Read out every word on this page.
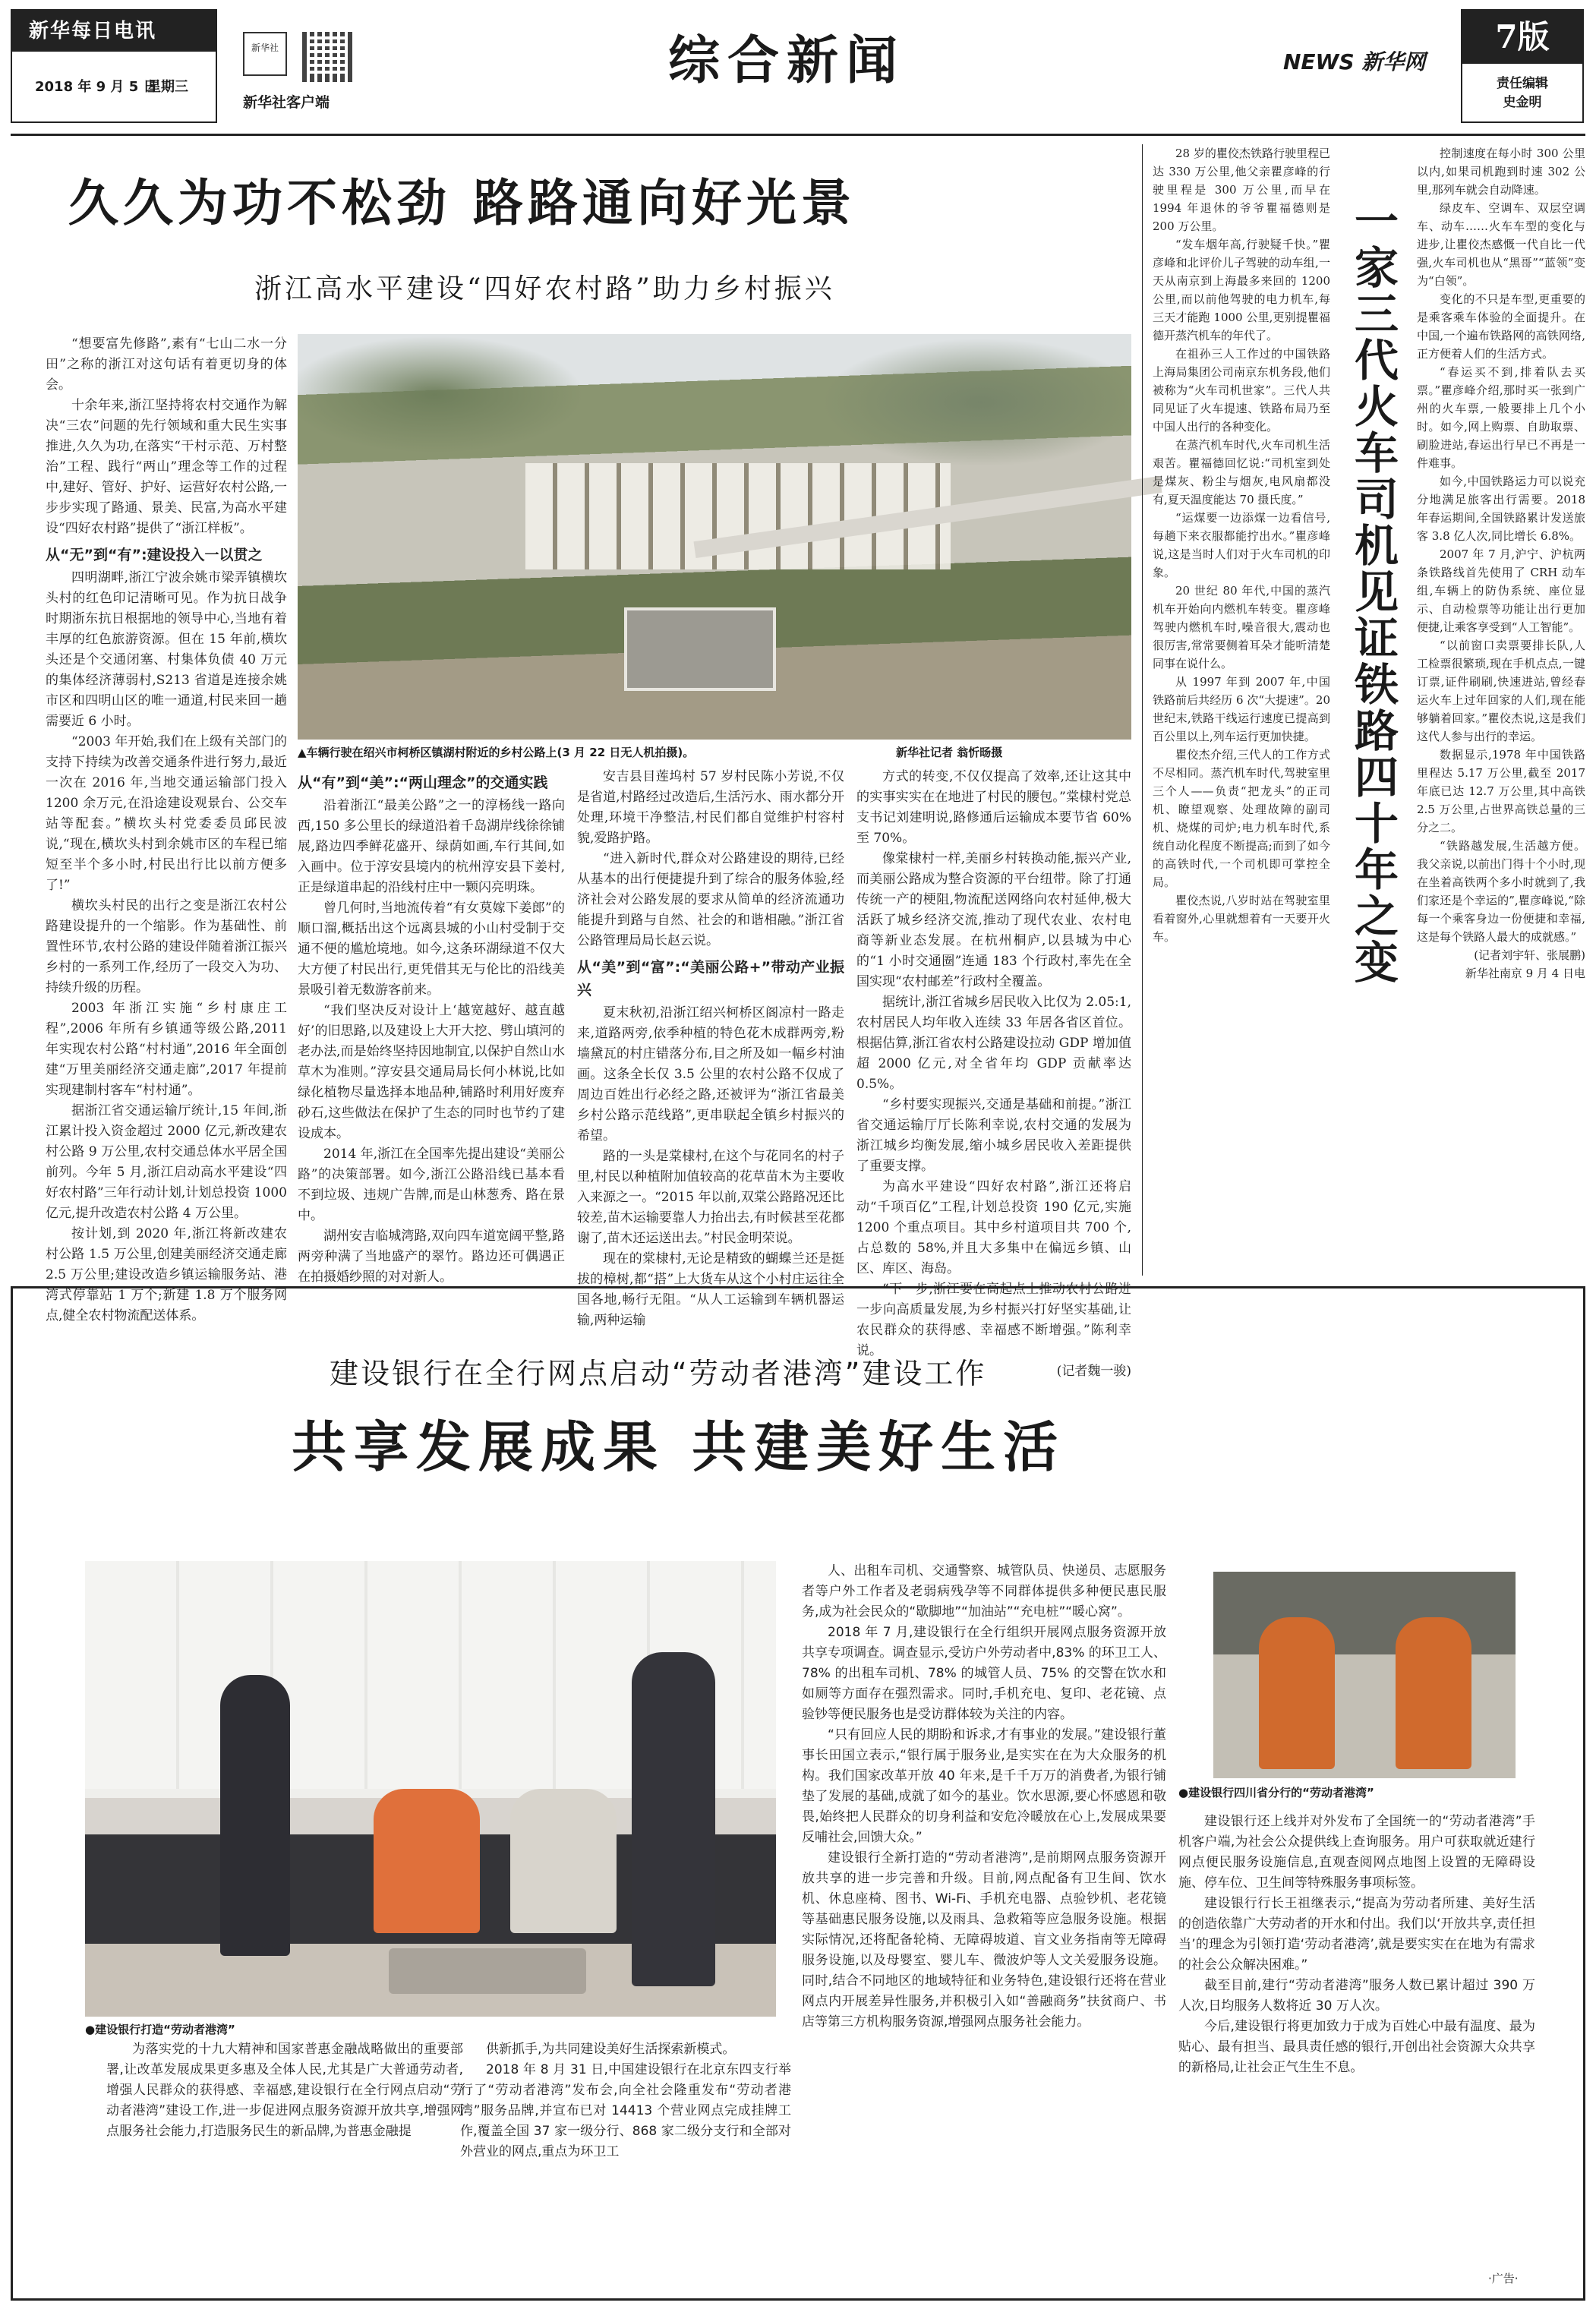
新华每日电讯
2018 年 9 月 5 日
星期三
新华社
新华社客户端
综合新闻	NEWS 新华网
7版
责任编辑
史金明
久久为功不松劲 路路通向好光景
浙江高水平建设“四好农村路”助力乡村振兴
▲车辆行驶在绍兴市柯桥区镇湖村附近的乡村公路上(3 月 22 日无人机拍摄)。	新华社记者 翁忻旸摄

“想要富先修路”,素有“七山二水一分田”之称的浙江对这句话有着更切身的体会。

十余年来,浙江坚持将农村交通作为解决“三农”问题的先行领域和重大民生实事推进,久久为功,在落实“干村示范、万村整治”工程、践行“两山”理念等工作的过程中,建好、管好、护好、运营好农村公路,一步步实现了路通、景美、民富,为高水平建设“四好农村路”提供了“浙江样板”。

从“无”到“有”:建设投入一以贯之

四明湖畔,浙江宁波余姚市梁弄镇横坎头村的红色印记清晰可见。作为抗日战争时期浙东抗日根据地的领导中心,当地有着丰厚的红色旅游资源。但在 15 年前,横坎头还是个交通闭塞、村集体负债 40 万元的集体经济薄弱村,S213 省道是连接余姚市区和四明山区的唯一通道,村民来回一趟需要近 6 小时。

“2003 年开始,我们在上级有关部门的支持下持续为改善交通条件进行努力,最近一次在 2016 年,当地交通运输部门投入 1200 余万元,在沿途建设观景台、公交车站等配套。”横坎头村党委委员邱民波说,“现在,横坎头村到余姚市区的车程已缩短至半个多小时,村民出行比以前方便多了!”

横坎头村民的出行之变是浙江农村公路建设提升的一个缩影。作为基础性、前置性环节,农村公路的建设伴随着浙江振兴乡村的一系列工作,经历了一段交入为功、持续升级的历程。

2003 年浙江实施“乡村康庄工程”,2006 年所有乡镇通等级公路,2011 年实现农村公路“村村通”,2016 年全面创建“万里美丽经济交通走廊”,2017 年提前实现建制村客车“村村通”。

据浙江省交通运输厅统计,15 年间,浙江累计投入资金超过 2000 亿元,新改建农村公路 9 万公里,农村交通总体水平居全国前列。今年 5 月,浙江启动高水平建设“四好农村路”三年行动计划,计划总投资 1000 亿元,提升改造农村公路 4 万公里。

按计划,到 2020 年,浙江将新改建农村公路 1.5 万公里,创建美丽经济交通走廊 2.5 万公里;建设改造乡镇运输服务站、港湾式停靠站 1 万个;新建 1.8 万个服务网点,健全农村物流配送体系。

从“有”到“美”:“两山理念”的交通实践

沿着浙江“最美公路”之一的淳杨线一路向西,150 多公里长的绿道沿着千岛湖岸线徐徐铺展,路边四季鲜花盛开、绿荫如画,车行其间,如入画中。位于淳安县境内的杭州淳安县下姜村,正是绿道串起的沿线村庄中一颗闪亮明珠。

曾几何时,当地流传着“有女莫嫁下姜郎”的顺口溜,概括出这个远离县城的小山村受制于交通不便的尴尬境地。如今,这条环湖绿道不仅大大方便了村民出行,更凭借其无与伦比的沿线美景吸引着无数游客前来。

“我们坚决反对设计上‘越宽越好、越直越好’的旧思路,以及建设上大开大挖、劈山填河的老办法,而是始终坚持因地制宜,以保护自然山水草木为准则。”淳安县交通局局长何小林说,比如绿化植物尽量选择本地品种,铺路时利用好废弃砂石,这些做法在保护了生态的同时也节约了建设成本。

2014 年,浙江在全国率先提出建设“美丽公路”的决策部署。如今,浙江公路沿线已基本看不到垃圾、违规广告牌,而是山林葱秀、路在景中。

湖州安吉临城湾路,双向四车道宽阔平整,路两旁种满了当地盛产的翠竹。路边还可偶遇正在拍摄婚纱照的对对新人。

安吉县目莲坞村 57 岁村民陈小芳说,不仅是省道,村路经过改造后,生活污水、雨水都分开处理,环境干净整洁,村民们都自觉维护村容村貌,爱路护路。

“进入新时代,群众对公路建设的期待,已经从基本的出行便捷提升到了综合的服务体验,经济社会对公路发展的要求从简单的经济流通功能提升到路与自然、社会的和谐相融。”浙江省公路管理局局长赵云说。

从“美”到“富”:“美丽公路+”带动产业振兴

夏末秋初,沿浙江绍兴柯桥区阁凉村一路走来,道路两旁,依季种植的特色花木成群两旁,粉墙黛瓦的村庄错落分布,目之所及如一幅乡村油画。这条全长仅 3.5 公里的农村公路不仅成了周边百姓出行必经之路,还被评为“浙江省最美乡村公路示范线路”,更串联起全镇乡村振兴的希望。

路的一头是棠棣村,在这个与花同名的村子里,村民以种植附加值较高的花草苗木为主要收入来源之一。“2015 年以前,双棠公路路况还比较差,苗木运输要靠人力抬出去,有时候甚至花都谢了,苗木还运送出去。”村民金明荣说。

现在的棠棣村,无论是精致的蝴蝶兰还是挺拔的樟树,都“搭”上大货车从这个小村庄运往全国各地,畅行无阻。“从人工运输到车辆机器运输,两种运输

方式的转变,不仅仅提高了效率,还让这其中的实事实实在在地进了村民的腰包。”棠棣村党总支书记刘建明说,路修通后运输成本要节省 60%至 70%。

像棠棣村一样,美丽乡村转换动能,振兴产业,而美丽公路成为整合资源的平台纽带。除了打通传统一产的梗阻,物流配送网络向农村延伸,极大活跃了城乡经济交流,推动了现代农业、农村电商等新业态发展。在杭州桐庐,以县城为中心的“1 小时交通圈”连通 183 个行政村,率先在全国实现“农村邮差”行政村全覆盖。

据统计,浙江省城乡居民收入比仅为 2.05:1,农村居民人均年收入连续 33 年居各省区首位。根据估算,浙江省农村公路建设拉动 GDP 增加值超 2000 亿元,对全省年均 GDP 贡献率达 0.5%。

“乡村要实现振兴,交通是基础和前提。”浙江省交通运输厅厅长陈利幸说,农村交通的发展为浙江城乡均衡发展,缩小城乡居民收入差距提供了重要支撑。

为高水平建设“四好农村路”,浙江还将启动“千项百亿”工程,计划总投资 190 亿元,实施 1200 个重点项目。其中乡村道项目共 700 个,占总数的 58%,并且大多集中在偏远乡镇、山区、库区、海岛。

“下一步,浙江要在高起点上推动农村公路进一步向高质量发展,为乡村振兴打好坚实基础,让农民群众的获得感、幸福感不断增强。”陈利幸说。

(记者魏一骏)

28 岁的瞿佼杰铁路行驶里程已达 330 万公里,他父亲瞿彦峰的行驶里程是 300 万公里,而早在 1994 年退休的爷爷瞿福德则是 200 万公里。

“发车烟年高,行驶疑千快。”瞿彦峰和北评价儿子驾驶的动车组,一天从南京到上海最多来回的 1200 公里,而以前他驾驶的电力机车,每三天才能跑 1000 公里,更别提瞿福德开蒸汽机车的年代了。

在祖孙三人工作过的中国铁路上海局集团公司南京东机务段,他们被称为“火车司机世家”。三代人共同见证了火车提速、铁路布局乃至中国人出行的各种变化。

在蒸汽机车时代,火车司机生活艰苦。瞿福德回忆说:“司机室到处是煤灰、粉尘与烟灰,电风扇都没有,夏天温度能达 70 摄氏度。”

“运煤要一边添煤一边看信号,每趟下来衣服都能拧出水。”瞿彦峰说,这是当时人们对于火车司机的印象。

20 世纪 80 年代,中国的蒸汽机车开始向内燃机车转变。瞿彦峰驾驶内燃机车时,噪音很大,震动也很厉害,常常要侧着耳朵才能听清楚同事在说什么。

从 1997 年到 2007 年,中国铁路前后共经历 6 次“大提速”。20 世纪末,铁路干线运行速度已提高到百公里以上,列车运行更加快捷。

瞿佼杰介绍,三代人的工作方式不尽相同。蒸汽机车时代,驾驶室里三个人——负责“把龙头”的正司机、瞭望观察、处理故障的副司机、烧煤的司炉;电力机车时代,系统自动化程度不断提高;而到了如今的高铁时代,一个司机即可掌控全局。

瞿佼杰说,八岁时站在驾驶室里看着窗外,心里就想着有一天要开火车。

一家三代火车司机见证铁路四十年之变

控制速度在每小时 300 公里以内,如果司机跑到时速 302 公里,那列车就会自动降速。

绿皮车、空调车、双层空调车、动车……火车车型的变化与进步,让瞿佼杰感慨一代自比一代强,火车司机也从“黑哥”“蓝领”变为“白领”。

变化的不只是车型,更重要的是乘客乘车体验的全面提升。在中国,一个遍布铁路网的高铁网络,正方便着人们的生活方式。

“春运买不到,排着队去买票。”瞿彦峰介绍,那时买一张到广州的火车票,一般要排上几个小时。如今,网上购票、自助取票、刷脸进站,春运出行早已不再是一件难事。

如今,中国铁路运力可以说充分地满足旅客出行需要。2018 年春运期间,全国铁路累计发送旅客 3.8 亿人次,同比增长 6.8%。

2007 年 7 月,沪宁、沪杭两条铁路线首先使用了 CRH 动车组,车辆上的防伪系统、座位显示、自动检票等功能让出行更加便捷,让乘客享受到“人工智能”。

“以前窗口卖票要排长队,人工检票很繁琐,现在手机点点,一键订票,证件刷刷,快速进站,曾经春运火车上过年回家的人们,现在能够躺着回家。”瞿佼杰说,这是我们这代人参与出行的幸运。

数据显示,1978 年中国铁路里程达 5.17 万公里,截至 2017 年底已达 12.7 万公里,其中高铁 2.5 万公里,占世界高铁总量的三分之二。

“铁路越发展,生活越方便。我父亲说,以前出门得十个小时,现在坐着高铁两个多小时就到了,我们家还是个幸运的”,瞿彦峰说,“除每一个乘客身边一份便捷和幸福,这是每个铁路人最大的成就感。”

(记者刘宇轩、张展鹏)

新华社南京 9 月 4 日电

建设银行在全行网点启动“劳动者港湾”建设工作
共享发展成果 共建美好生活
●建设银行打造“劳动者港湾”
●建设银行四川省分行的“劳动者港湾”

为落实党的十九大精神和国家普惠金融战略做出的重要部署,让改革发展成果更多惠及全体人民,尤其是广大普通劳动者,增强人民群众的获得感、幸福感,建设银行在全行网点启动“劳动者港湾”建设工作,进一步促进网点服务资源开放共享,增强网点服务社会能力,打造服务民生的新品牌,为普惠金融提

供新抓手,为共同建设美好生活探索新模式。

2018 年 8 月 31 日,中国建设银行在北京东四支行举行了“劳动者港湾”发布会,向全社会隆重发布“劳动者港湾”服务品牌,并宣布已对 14413 个营业网点完成挂牌工作,覆盖全国 37 家一级分行、868 家二级分支行和全部对外营业的网点,重点为环卫工

人、出租车司机、交通警察、城管队员、快递员、志愿服务者等户外工作者及老弱病残孕等不同群体提供多种便民惠民服务,成为社会民众的“歇脚地”“加油站”“充电桩”“暖心窝”。

2018 年 7 月,建设银行在全行组织开展网点服务资源开放共享专项调查。调查显示,受访户外劳动者中,83% 的环卫工人、78% 的出租车司机、78% 的城管人员、75% 的交警在饮水和如厕等方面存在强烈需求。同时,手机充电、复印、老花镜、点验钞等便民服务也是受访群体较为关注的内容。

“只有回应人民的期盼和诉求,才有事业的发展。”建设银行董事长田国立表示,“银行属于服务业,是实实在在为大众服务的机构。我们国家改革开放 40 年来,是千千万万的消费者,为银行铺垫了发展的基础,成就了如今的基业。饮水思源,要心怀感恩和敬畏,始终把人民群众的切身利益和安危冷暖放在心上,发展成果要反哺社会,回馈大众。”

建设银行全新打造的“劳动者港湾”,是前期网点服务资源开放共享的进一步完善和升级。目前,网点配备有卫生间、饮水机、休息座椅、图书、Wi-Fi、手机充电器、点验钞机、老花镜等基础惠民服务设施,以及雨具、急救箱等应急服务设施。根据实际情况,还将配备轮椅、无障碍坡道、盲文业务指南等无障碍服务设施,以及母婴室、婴儿车、微波炉等人文关爱服务设施。同时,结合不同地区的地域特征和业务特色,建设银行还将在营业网点内开展差异性服务,并积极引入如“善融商务”扶贫商户、书店等第三方机构服务资源,增强网点服务社会能力。

建设银行还上线并对外发布了全国统一的“劳动者港湾”手机客户端,为社会公众提供线上查询服务。用户可获取就近建行网点便民服务设施信息,直观查阅网点地图上设置的无障碍设施、停车位、卫生间等特殊服务事项标签。

建设银行行长王祖继表示,“提高为劳动者所建、美好生活的创造依靠广大劳动者的开水和付出。我们以‘开放共享,责任担当’的理念为引领打造‘劳动者港湾’,就是要实实在在地为有需求的社会公众解决困难。”

截至目前,建行“劳动者港湾”服务人数已累计超过 390 万人次,日均服务人数将近 30 万人次。

今后,建设银行将更加致力于成为百姓心中最有温度、最为贴心、最有担当、最具责任感的银行,开创出社会资源大众共享的新格局,让社会正气生生不息。

·广告·
